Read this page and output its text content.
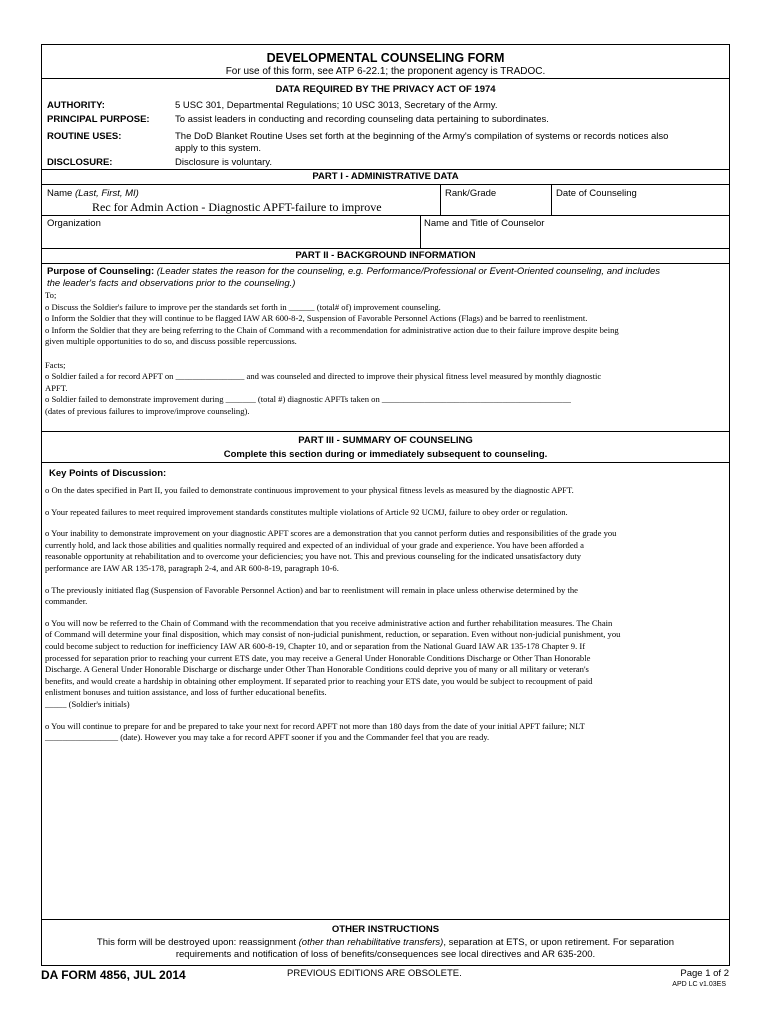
DEVELOPMENTAL COUNSELING FORM
For use of this form, see ATP 6-22.1; the proponent agency is TRADOC.
DATA REQUIRED BY THE PRIVACY ACT OF 1974
AUTHORITY:	5 USC 301, Departmental Regulations; 10 USC 3013, Secretary of the Army.
PRINCIPAL PURPOSE:	To assist leaders in conducting and recording counseling data pertaining to subordinates.
ROUTINE USES:	The DoD Blanket Routine Uses set forth at the beginning of the Army's compilation of systems or records notices also
apply to this system.
DISCLOSURE:	Disclosure is voluntary.
PART I - ADMINISTRATIVE DATA
Name (Last, First, MI)
Rec for Admin Action - Diagnostic APFT-failure to improve
Rank/Grade	Date of Counseling
Organization	Name and Title of Counselor
PART II - BACKGROUND INFORMATION
Purpose of Counseling: (Leader states the reason for the counseling, e.g. Performance/Professional or Event-Oriented counseling, and includes
the leader's facts and observations prior to the counseling.)
To;
o Discuss the Soldier's failure to improve per the standards set forth in ______ (total# of) improvement counseling.
o Inform the Soldier that they will continue to be flagged IAW AR 600-8-2, Suspension of Favorable Personnel Actions (Flags) and be barred to reenlistment.
o Inform the Soldier that they are being referring to the Chain of Command with a recommendation for administrative action due to their failure improve despite being
given multiple opportunities to do so, and discuss possible repercussions.
Facts;
o Soldier failed a for record APFT on ________________ and was counseled and directed to improve their physical fitness level measured by monthly diagnostic
APFT.
o Soldier failed to demonstrate improvement during _______ (total #) diagnostic APFTs taken on ____________________________________________
(dates of previous failures to improve/improve counseling).
PART III - SUMMARY OF COUNSELING
Complete this section during or immediately subsequent to counseling.
Key Points of Discussion:
o On the dates specified in Part II, you failed to demonstrate continuous improvement to your physical fitness levels as measured by the diagnostic APFT.
o Your repeated failures to meet required improvement standards constitutes multiple violations of Article 92 UCMJ, failure to obey order or regulation.
o Your inability to demonstrate improvement on your diagnostic APFT scores are a demonstration that you cannot perform duties and responsibilities of the grade you
currently hold, and lack those abilities and qualities normally required and expected of an individual of your grade and experience. You have been afforded a
reasonable opportunity at rehabilitation and to overcome your deficiencies; you have not. This and previous counseling for the indicated unsatisfactory duty
performance are IAW AR 135-178, paragraph 2-4, and AR 600-8-19, paragraph 10-6.
o The previously initiated flag (Suspension of Favorable Personnel Action) and bar to reenlistment will remain in place unless otherwise determined by the
commander.
o You will now be referred to the Chain of Command with the recommendation that you receive administrative action and further rehabilitation measures. The Chain
of Command will determine your final disposition, which may consist of non-judicial punishment, reduction, or separation. Even without non-judicial punishment, you
could become subject to reduction for inefficiency IAW AR 600-8-19, Chapter 10, and or separation from the National Guard IAW AR 135-178 Chapter 9. If
processed for separation prior to reaching your current ETS date, you may receive a General Under Honorable Conditions Discharge or Other Than Honorable
Discharge. A General Under Honorable Discharge or discharge under Other Than Honorable Conditions could deprive you of many or all military or veteran's
benefits, and would create a hardship in obtaining other employment. If separated prior to reaching your ETS date, you would be subject to recoupment of paid
enlistment bonuses and tuition assistance, and loss of further educational benefits.
_____ (Soldier's initials)
o You will continue to prepare for and be prepared to take your next for record APFT not more than 180 days from the date of your initial APFT failure; NLT
_________________ (date). However you may take a for record APFT sooner if you and the Commander feel that you are ready.
OTHER INSTRUCTIONS
This form will be destroyed upon: reassignment (other than rehabilitative transfers), separation at ETS, or upon retirement. For separation
requirements and notification of loss of benefits/consequences see local directives and AR 635-200.
DA FORM 4856, JUL 2014	PREVIOUS EDITIONS ARE OBSOLETE.	Page 1 of 2
APD LC v1.03ES
